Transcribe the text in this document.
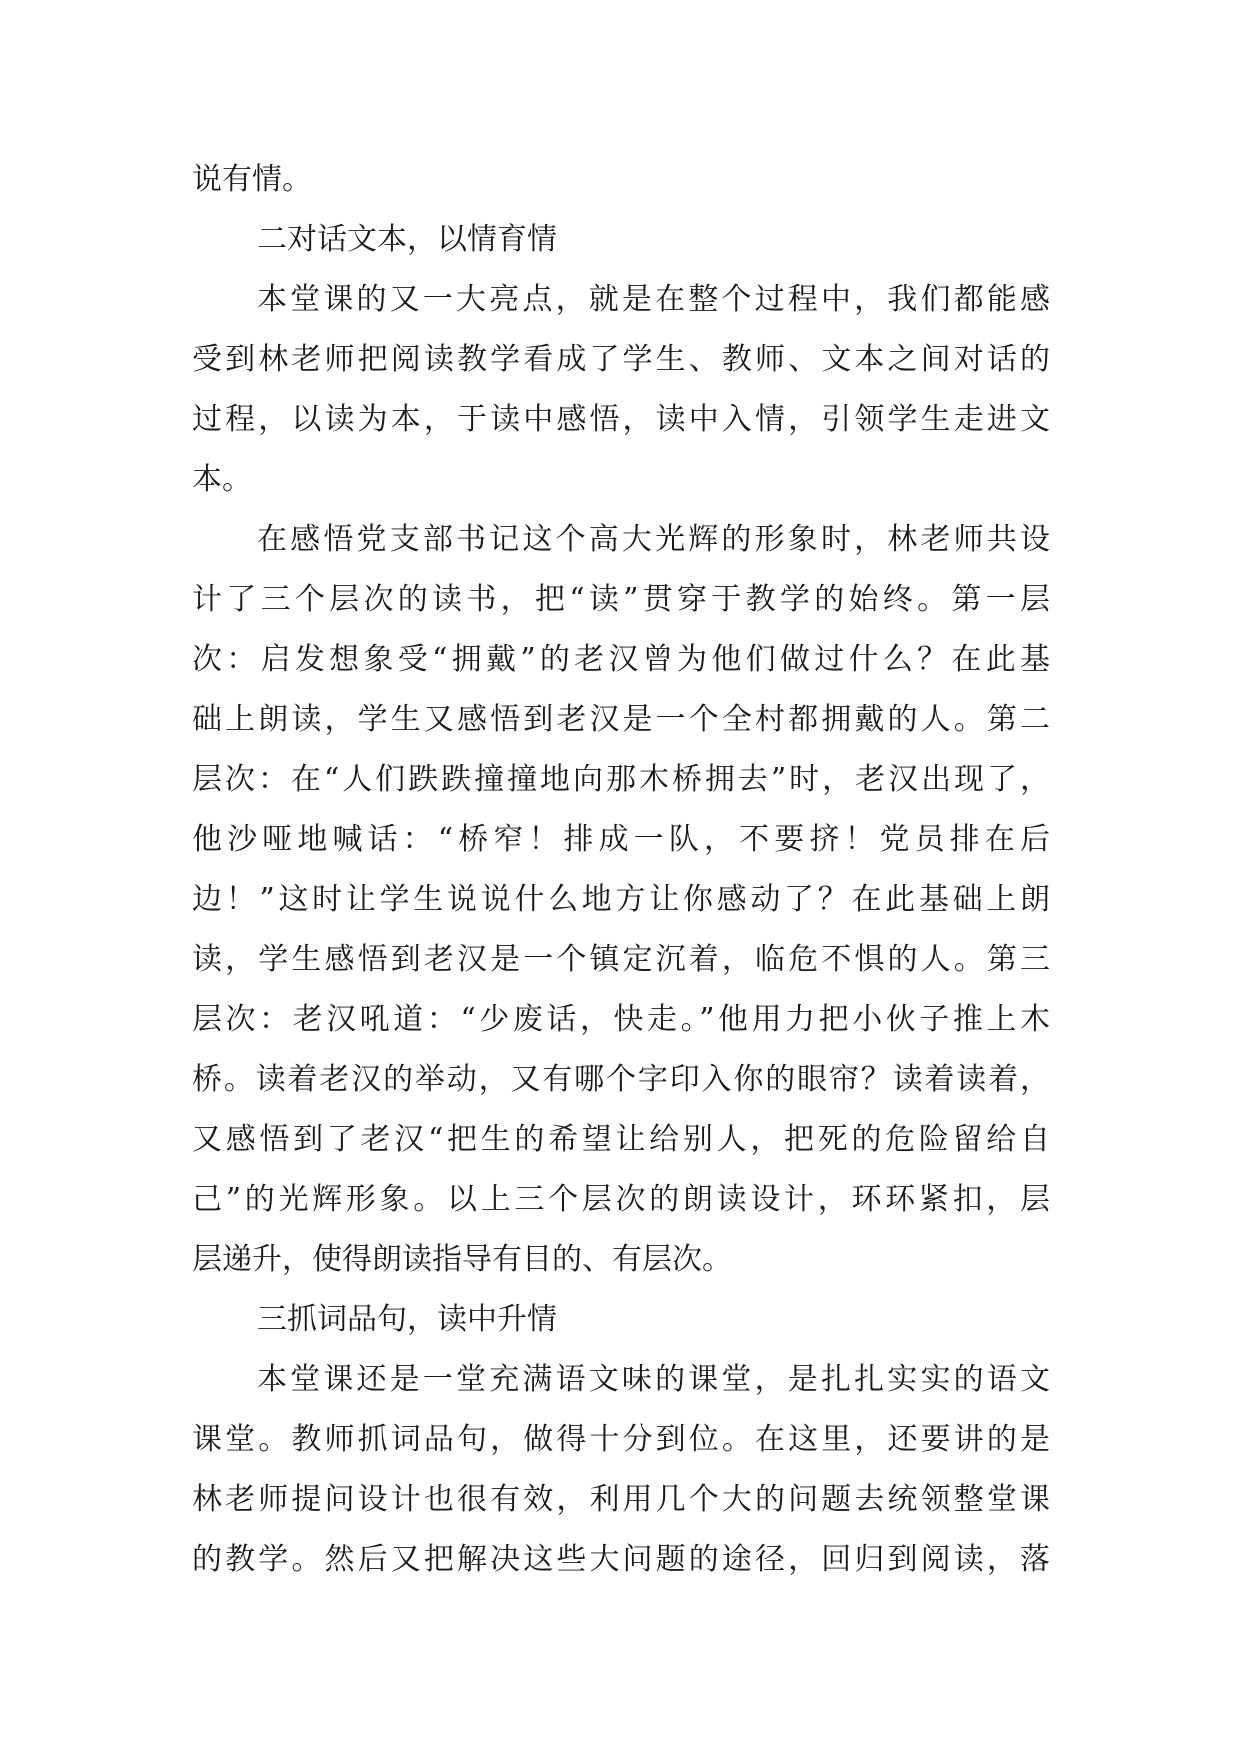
说有情。
二对话文本，以情育情
本堂课的又一大亮点，就是在整个过程中，我们都能感
受到林老师把阅读教学看成了学生、教师、文本之间对话的
过程，以读为本，于读中感悟，读中入情，引领学生走进文
本。
在感悟党支部书记这个高大光辉的形象时，林老师共设
计了三个层次的读书，把“读”贯穿于教学的始终。第一层
次：启发想象受“拥戴”的老汉曾为他们做过什么？在此基
础上朗读，学生又感悟到老汉是一个全村都拥戴的人。第二
层次：在“人们跌跌撞撞地向那木桥拥去”时，老汉出现了，
他沙哑地喊话：“桥窄！排成一队，不要挤！党员排在后
边！”这时让学生说说什么地方让你感动了？在此基础上朗
读，学生感悟到老汉是一个镇定沉着，临危不惧的人。第三
层次：老汉吼道：“少废话，快走。”他用力把小伙子推上木
桥。读着老汉的举动，又有哪个字印入你的眼帘？读着读着，
又感悟到了老汉“把生的希望让给别人，把死的危险留给自
己”的光辉形象。以上三个层次的朗读设计，环环紧扣，层
层递升，使得朗读指导有目的、有层次。
三抓词品句，读中升情
本堂课还是一堂充满语文味的课堂，是扎扎实实的语文
课堂。教师抓词品句，做得十分到位。在这里，还要讲的是
林老师提问设计也很有效，利用几个大的问题去统领整堂课
的教学。然后又把解决这些大问题的途径，回归到阅读，落
